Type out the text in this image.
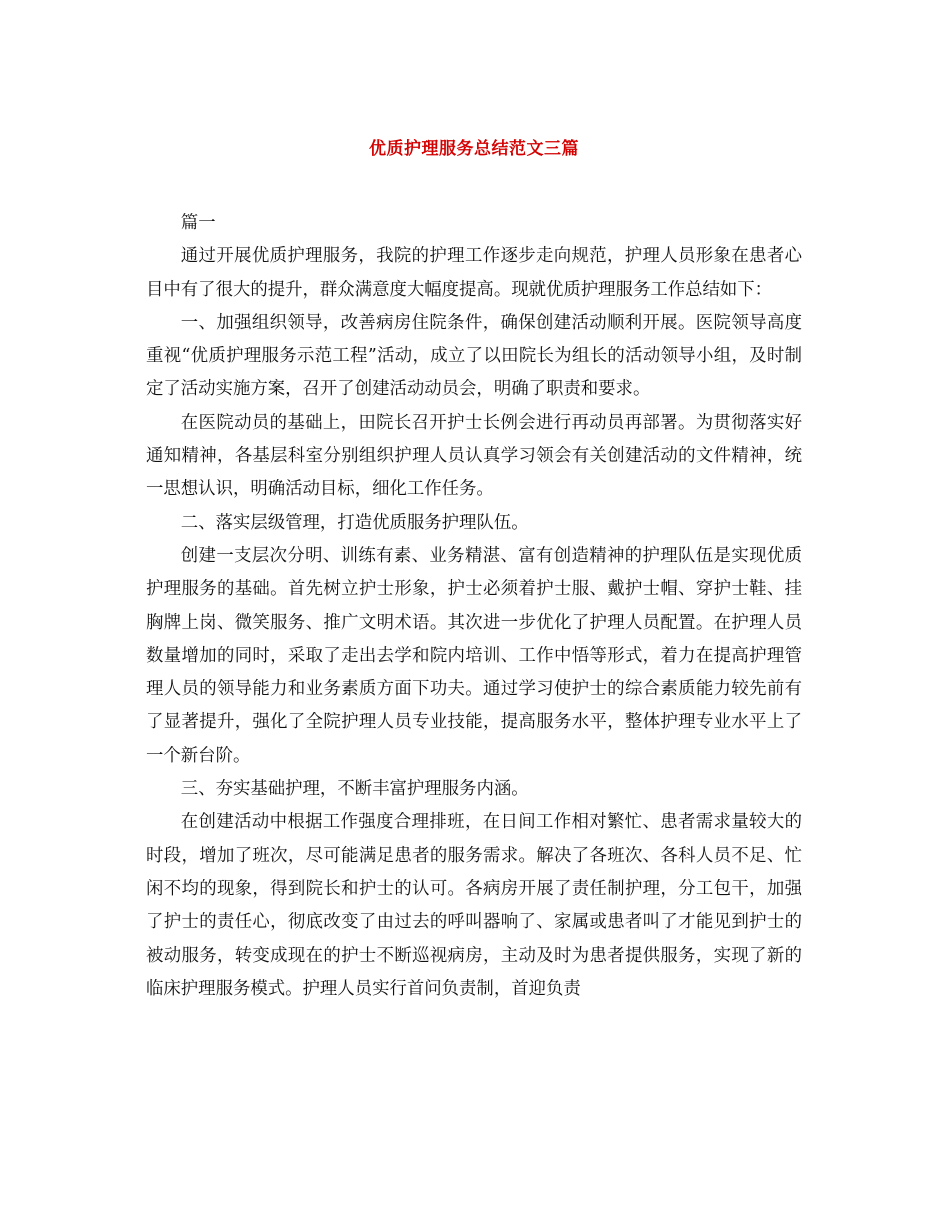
优质护理服务总结范文三篇

篇一

通过开展优质护理服务，我院的护理工作逐步走向规范，护理人员形象在患者心目中有了很大的提升，群众满意度大幅度提高。现就优质护理服务工作总结如下：

一、加强组织领导，改善病房住院条件，确保创建活动顺利开展。医院领导高度重视“优质护理服务示范工程”活动，成立了以田院长为组长的活动领导小组，及时制定了活动实施方案，召开了创建活动动员会，明确了职责和要求。

在医院动员的基础上，田院长召开护士长例会进行再动员再部署。为贯彻落实好通知精神，各基层科室分别组织护理人员认真学习领会有关创建活动的文件精神，统一思想认识，明确活动目标，细化工作任务。

二、落实层级管理，打造优质服务护理队伍。

创建一支层次分明、训练有素、业务精湛、富有创造精神的护理队伍是实现优质护理服务的基础。首先树立护士形象，护士必须着护士服、戴护士帽、穿护士鞋、挂胸牌上岗、微笑服务、推广文明术语。其次进一步优化了护理人员配置。在护理人员数量增加的同时，采取了走出去学和院内培训、工作中悟等形式，着力在提高护理管理人员的领导能力和业务素质方面下功夫。通过学习使护士的综合素质能力较先前有了显著提升，强化了全院护理人员专业技能，提高服务水平，整体护理专业水平上了一个新台阶。

三、夯实基础护理，不断丰富护理服务内涵。

在创建活动中根据工作强度合理排班，在日间工作相对繁忙、患者需求量较大的时段，增加了班次，尽可能满足患者的服务需求。解决了各班次、各科人员不足、忙闲不均的现象，得到院长和护士的认可。各病房开展了责任制护理，分工包干，加强了护士的责任心，彻底改变了由过去的呼叫器响了、家属或患者叫了才能见到护士的被动服务，转变成现在的护士不断巡视病房，主动及时为患者提供服务，实现了新的临床护理服务模式。护理人员实行首问负责制，首迎负责
